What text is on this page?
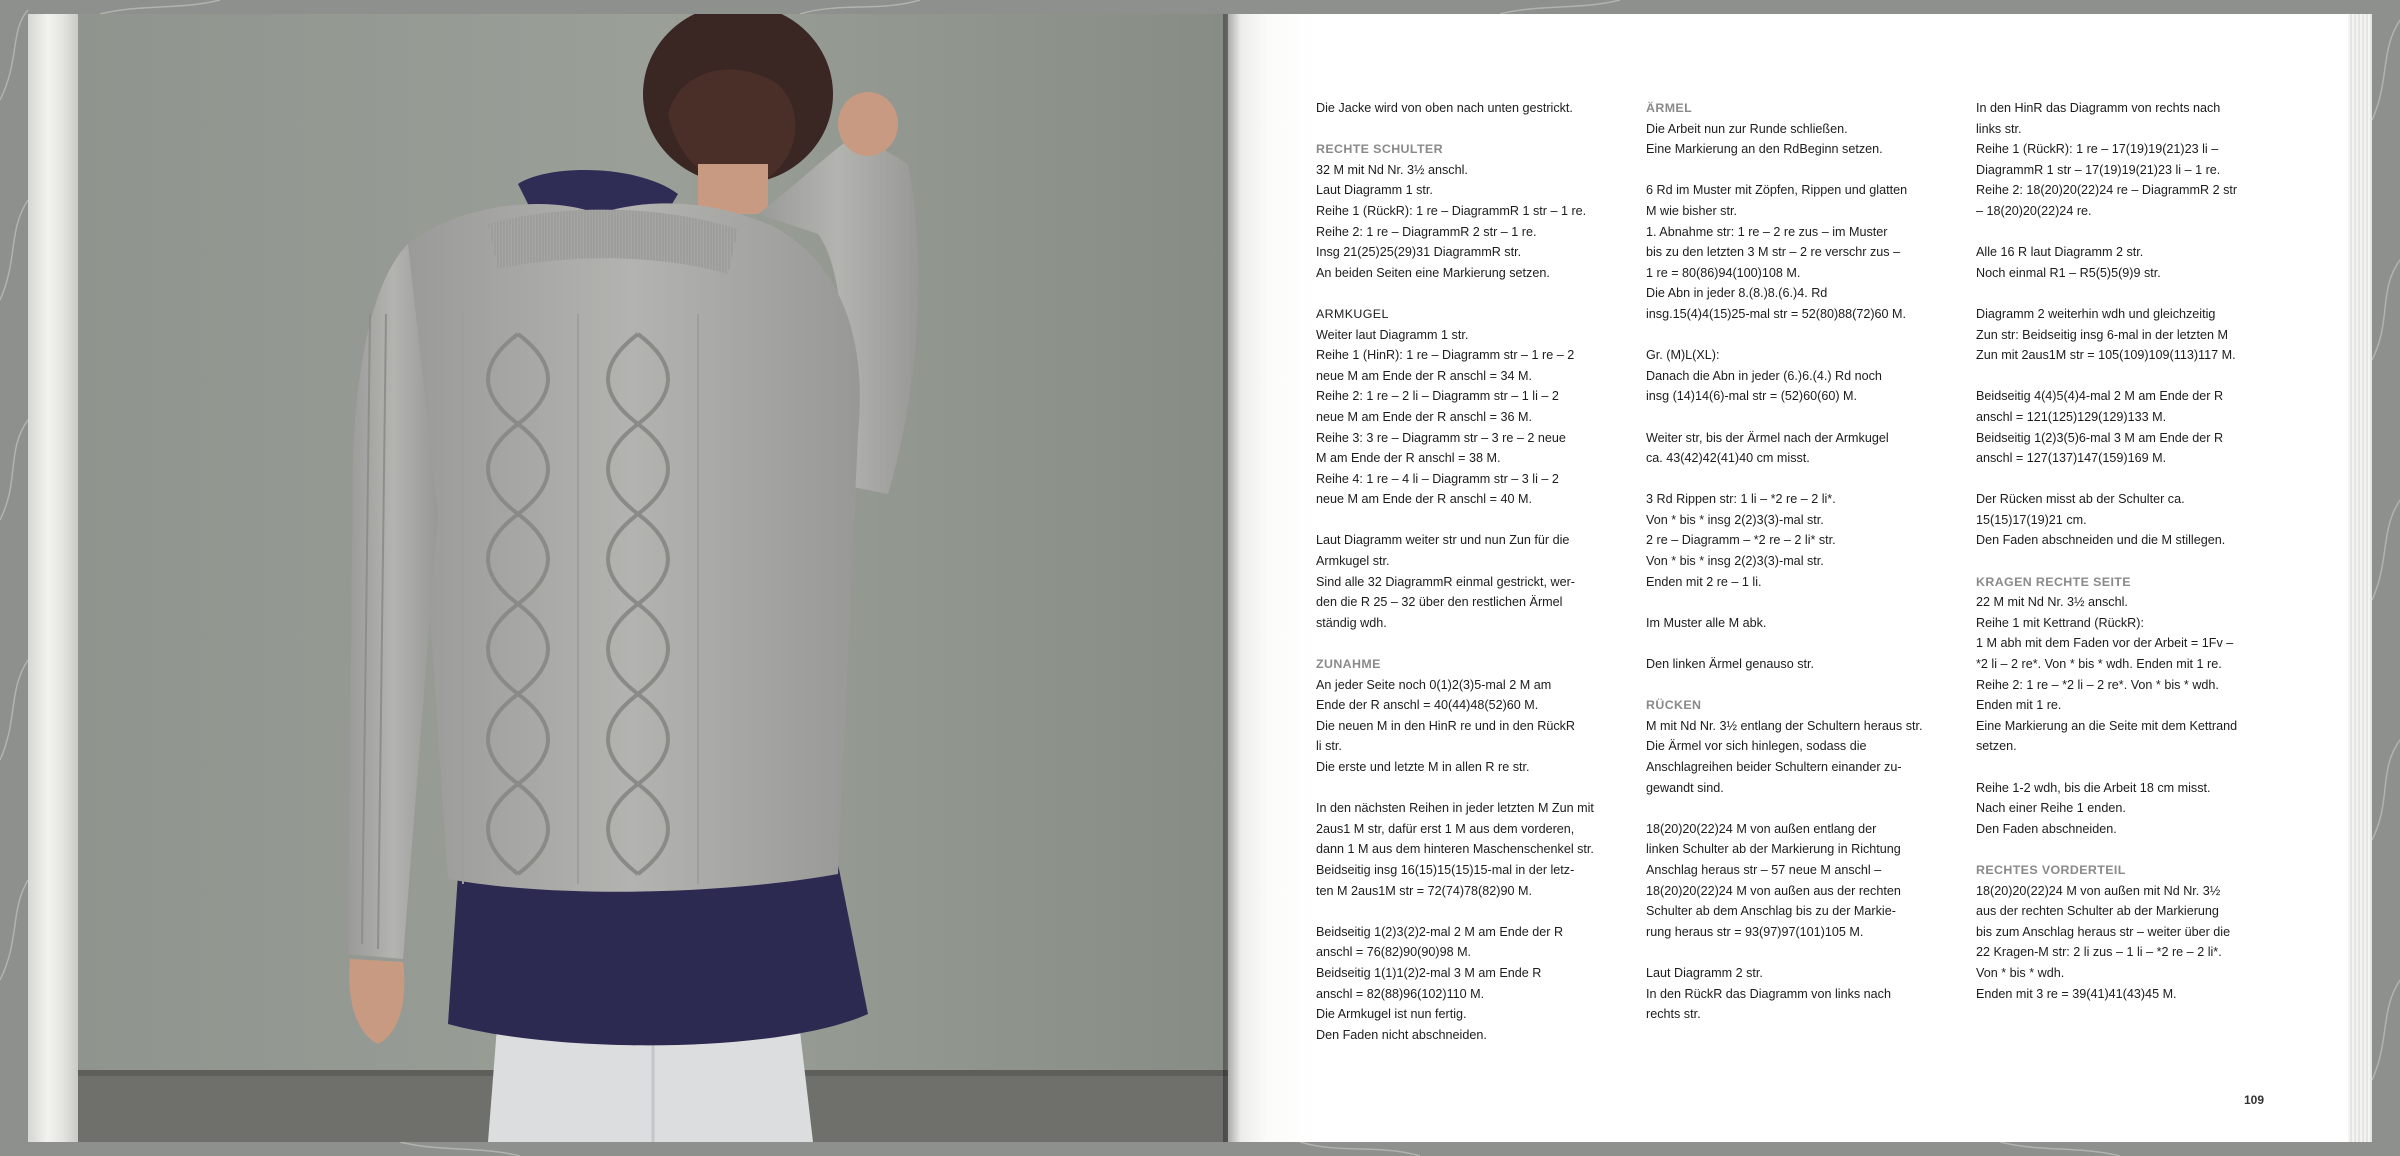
Die Jacke wird von oben nach unten gestrickt.

RECHTE SCHULTER

32 M mit Nd Nr. 3½ anschl.
Laut Diagramm 1 str.
Reihe 1 (RückR): 1 re – DiagrammR 1 str – 1 re.
Reihe 2: 1 re – DiagrammR 2 str – 1 re.
Insg 21(25)25(29)31 DiagrammR str.
An beiden Seiten eine Markierung setzen.

ARMKUGEL

Weiter laut Diagramm 1 str.
Reihe 1 (HinR): 1 re – Diagramm str – 1 re – 2
neue M am Ende der R anschl = 34 M.
Reihe 2: 1 re – 2 li – Diagramm str – 1 li – 2
neue M am Ende der R anschl = 36 M.
Reihe 3: 3 re – Diagramm str – 3 re – 2 neue
M am Ende der R anschl = 38 M.
Reihe 4: 1 re – 4 li – Diagramm str – 3 li – 2
neue M am Ende der R anschl = 40 M.

Laut Diagramm weiter str und nun Zun für die
Armkugel str.
Sind alle 32 DiagrammR einmal gestrickt, wer-
den die R 25 – 32 über den restlichen Ärmel
ständig wdh.

ZUNAHME

An jeder Seite noch 0(1)2(3)5-mal 2 M am
Ende der R anschl = 40(44)48(52)60 M.
Die neuen M in den HinR re und in den RückR
li str.
Die erste und letzte M in allen R re str.

In den nächsten Reihen in jeder letzten M Zun mit
2aus1 M str, dafür erst 1 M aus dem vorderen,
dann 1 M aus dem hinteren Maschenschenkel str.
Beidseitig insg 16(15)15(15)15-mal in der letz-
ten M 2aus1M str = 72(74)78(82)90 M.

Beidseitig 1(2)3(2)2-mal 2 M am Ende der R
anschl = 76(82)90(90)98 M.
Beidseitig 1(1)1(2)2-mal 3 M am Ende R
anschl = 82(88)96(102)110 M.
Die Armkugel ist nun fertig.
Den Faden nicht abschneiden.

ÄRMEL

Die Arbeit nun zur Runde schließen.
Eine Markierung an den RdBeginn setzen.

6 Rd im Muster mit Zöpfen, Rippen und glatten
M wie bisher str.
1. Abnahme str: 1 re – 2 re zus – im Muster
bis zu den letzten 3 M str – 2 re verschr zus –
1 re = 80(86)94(100)108 M.
Die Abn in jeder 8.(8.)8.(6.)4. Rd
insg.15(4)4(15)25-mal str = 52(80)88(72)60 M.

Gr. (M)L(XL):
Danach die Abn in jeder (6.)6.(4.) Rd noch
insg (14)14(6)-mal str = (52)60(60) M.

Weiter str, bis der Ärmel nach der Armkugel
ca. 43(42)42(41)40 cm misst.

3 Rd Rippen str: 1 li – *2 re – 2 li*.
Von * bis * insg 2(2)3(3)-mal str.
2 re – Diagramm – *2 re – 2 li* str.
Von * bis * insg 2(2)3(3)-mal str.
Enden mit 2 re – 1 li.

Im Muster alle M abk.

Den linken Ärmel genauso str.

RÜCKEN

M mit Nd Nr. 3½ entlang der Schultern heraus str.
Die Ärmel vor sich hinlegen, sodass die
Anschlagreihen beider Schultern einander zu-
gewandt sind.

18(20)20(22)24 M von außen entlang der
linken Schulter ab der Markierung in Richtung
Anschlag heraus str – 57 neue M anschl –
18(20)20(22)24 M von außen aus der rechten
Schulter ab dem Anschlag bis zu der Markie-
rung heraus str = 93(97)97(101)105 M.

Laut Diagramm 2 str.
In den RückR das Diagramm von links nach
rechts str.

In den HinR das Diagramm von rechts nach
links str.
Reihe 1 (RückR): 1 re – 17(19)19(21)23 li –
DiagrammR 1 str – 17(19)19(21)23 li – 1 re.
Reihe 2: 18(20)20(22)24 re – DiagrammR 2 str
– 18(20)20(22)24 re.

Alle 16 R laut Diagramm 2 str.
Noch einmal R1 – R5(5)5(9)9 str.

Diagramm 2 weiterhin wdh und gleichzeitig
Zun str: Beidseitig insg 6-mal in der letzten M
Zun mit 2aus1M str = 105(109)109(113)117 M.

Beidseitig 4(4)5(4)4-mal 2 M am Ende der R
anschl = 121(125)129(129)133 M.
Beidseitig 1(2)3(5)6-mal 3 M am Ende der R
anschl = 127(137)147(159)169 M.

Der Rücken misst ab der Schulter ca.
15(15)17(19)21 cm.
Den Faden abschneiden und die M stillegen.

KRAGEN RECHTE SEITE

22 M mit Nd Nr. 3½ anschl.
Reihe 1 mit Kettrand (RückR):
1 M abh mit dem Faden vor der Arbeit = 1Fv –
*2 li – 2 re*. Von * bis * wdh. Enden mit 1 re.
Reihe 2: 1 re – *2 li – 2 re*. Von * bis * wdh.
Enden mit 1 re.
Eine Markierung an die Seite mit dem Kettrand
setzen.

Reihe 1-2 wdh, bis die Arbeit 18 cm misst.
Nach einer Reihe 1 enden.
Den Faden abschneiden.

RECHTES VORDERTEIL

18(20)20(22)24 M von außen mit Nd Nr. 3½
aus der rechten Schulter ab der Markierung
bis zum Anschlag heraus str – weiter über die
22 Kragen-M str: 2 li zus – 1 li – *2 re – 2 li*.
Von * bis * wdh.
Enden mit 3 re = 39(41)41(43)45 M.

109
